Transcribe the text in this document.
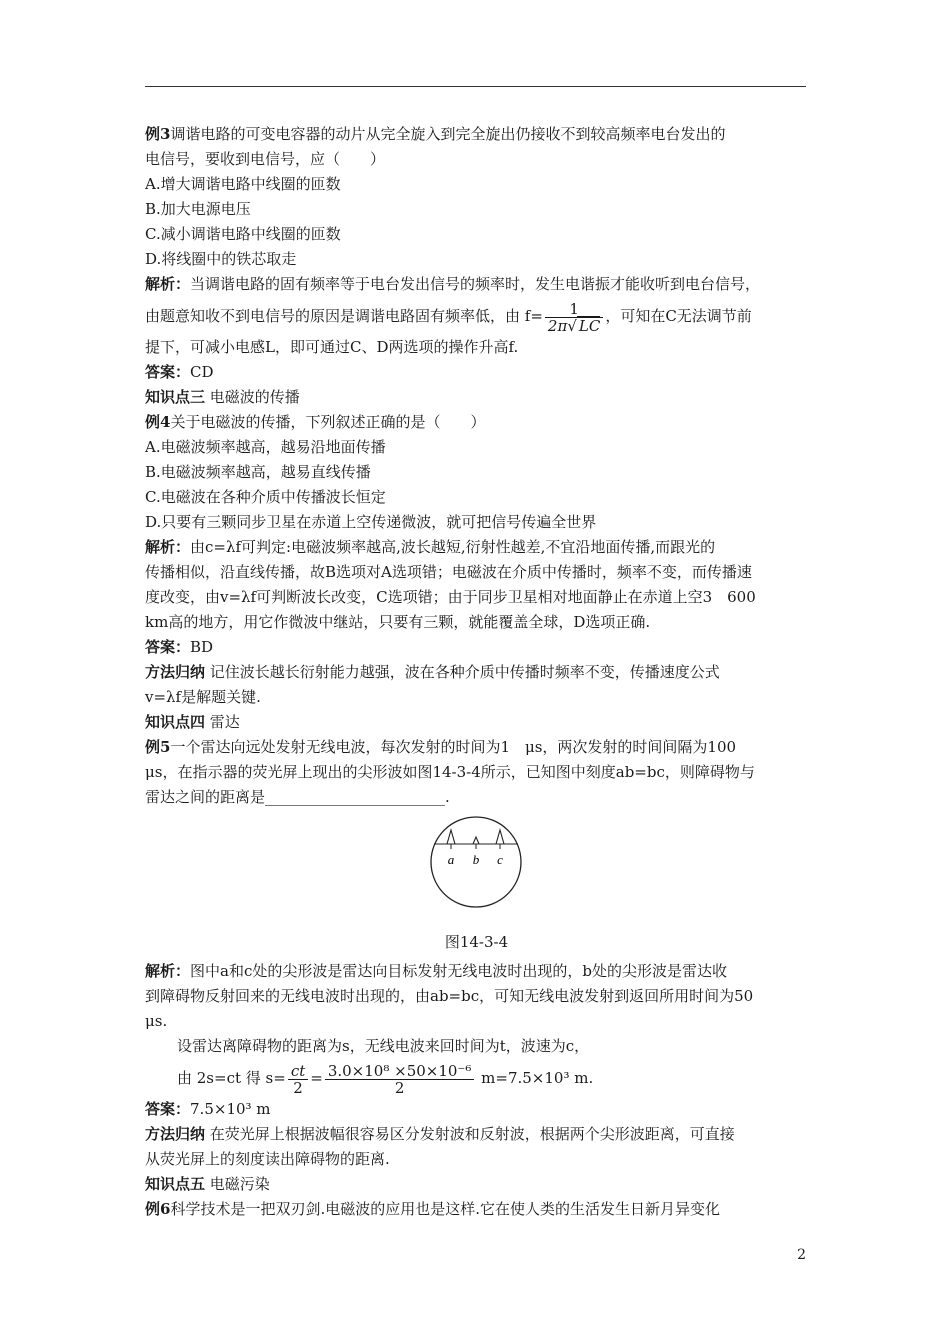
例3调谐电路的可变电容器的动片从完全旋入到完全旋出仍接收不到较高频率电台发出的
电信号，要收到电信号，应（　　）
A.增大调谐电路中线圈的匝数
B.加大电源电压
C.减小调谐电路中线圈的匝数
D.将线圈中的铁芯取走
解析：当调谐电路的固有频率等于电台发出信号的频率时，发生电谐振才能收听到电台信号，
由题意知收不到电信号的原因是调谐电路固有频率低，由 $f= \frac{1}{2\pi√ LC}$ ，可知在C无法调节前
提下，可减小电感L，即可通过C、D两选项的操作升高f.
答案：CD
知识点三 电磁波的传播
例4关于电磁波的传播，下列叙述正确的是（　　）
A.电磁波频率越高，越易沿地面传播
B.电磁波频率越高，越易直线传播
C.电磁波在各种介质中传播波长恒定
D.只要有三颗同步卫星在赤道上空传递微波，就可把信号传遍全世界
解析：由c=λf可判定:电磁波频率越高,波长越短,衍射性越差,不宜沿地面传播,而跟光的
传播相似，沿直线传播，故B选项对A选项错；电磁波在介质中传播时，频率不变，而传播速
度改变，由v=λf可判断波长改变，C选项错；由于同步卫星相对地面静止在赤道上空3　600
km高的地方，用它作微波中继站，只要有三颗，就能覆盖全球，D选项正确.
答案：BD
方法归纳 记住波长越长衍射能力越强，波在各种介质中传播时频率不变，传播速度公式
v=λf是解题关键.
知识点四 雷达
例5一个雷达向远处发射无线电波，每次发射的时间为1　μs，两次发射的时间间隔为100
μs，在指示器的荧光屏上现出的尖形波如图14-3-4所示，已知图中刻度ab=bc，则障碍物与
雷达之间的距离是________________________.
a b c
图14-3-4
解析：图中a和c处的尖形波是雷达向目标发射无线电波时出现的，b处的尖形波是雷达收
到障碍物反射回来的无线电波时出现的，由ab=bc，可知无线电波发射到返回所用时间为50
μs.
设雷达离障碍物的距离为s，无线电波来回时间为t，波速为c，
由 2s=ct 得 $s= \frac{ct}{2} = \frac{\text{3.0×10⁸ ×50×10⁻⁶}}{2} m=7.5\times 10^3$ m.
答案：7.5×10³ m
方法归纳 在荧光屏上根据波幅很容易区分发射波和反射波，根据两个尖形波距离，可直接
从荧光屏上的刻度读出障碍物的距离.
知识点五 电磁污染
例6科学技术是一把双刃剑.电磁波的应用也是这样.它在使人类的生活发生日新月异变化
2
